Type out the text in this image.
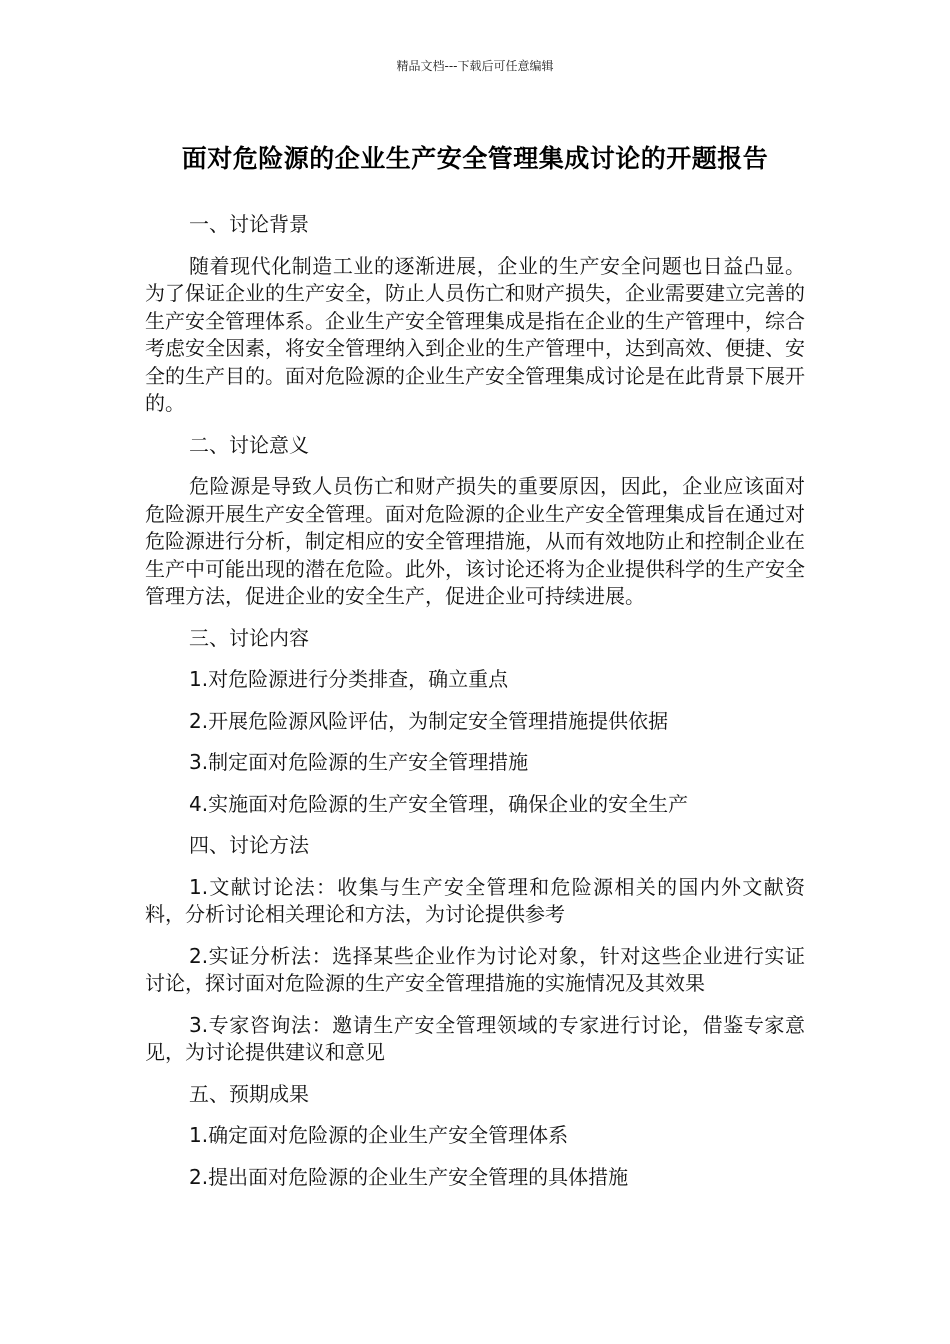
精品文档---下载后可任意编辑
面对危险源的企业生产安全管理集成讨论的开题报告

一、讨论背景

随着现代化制造工业的逐渐进展，企业的生产安全问题也日益凸显。为了保证企业的生产安全，防止人员伤亡和财产损失，企业需要建立完善的生产安全管理体系。企业生产安全管理集成是指在企业的生产管理中，综合考虑安全因素，将安全管理纳入到企业的生产管理中，达到高效、便捷、安全的生产目的。面对危险源的企业生产安全管理集成讨论是在此背景下展开的。

二、讨论意义

危险源是导致人员伤亡和财产损失的重要原因，因此，企业应该面对危险源开展生产安全管理。面对危险源的企业生产安全管理集成旨在通过对危险源进行分析，制定相应的安全管理措施，从而有效地防止和控制企业在生产中可能出现的潜在危险。此外，该讨论还将为企业提供科学的生产安全管理方法，促进企业的安全生产，促进企业可持续进展。

三、讨论内容

1.对危险源进行分类排查，确立重点

2.开展危险源风险评估，为制定安全管理措施提供依据

3.制定面对危险源的生产安全管理措施

4.实施面对危险源的生产安全管理，确保企业的安全生产

四、讨论方法

1.文献讨论法：收集与生产安全管理和危险源相关的国内外文献资料，分析讨论相关理论和方法，为讨论提供参考

2.实证分析法：选择某些企业作为讨论对象，针对这些企业进行实证讨论，探讨面对危险源的生产安全管理措施的实施情况及其效果

3.专家咨询法：邀请生产安全管理领域的专家进行讨论，借鉴专家意见，为讨论提供建议和意见

五、预期成果

1.确定面对危险源的企业生产安全管理体系

2.提出面对危险源的企业生产安全管理的具体措施
